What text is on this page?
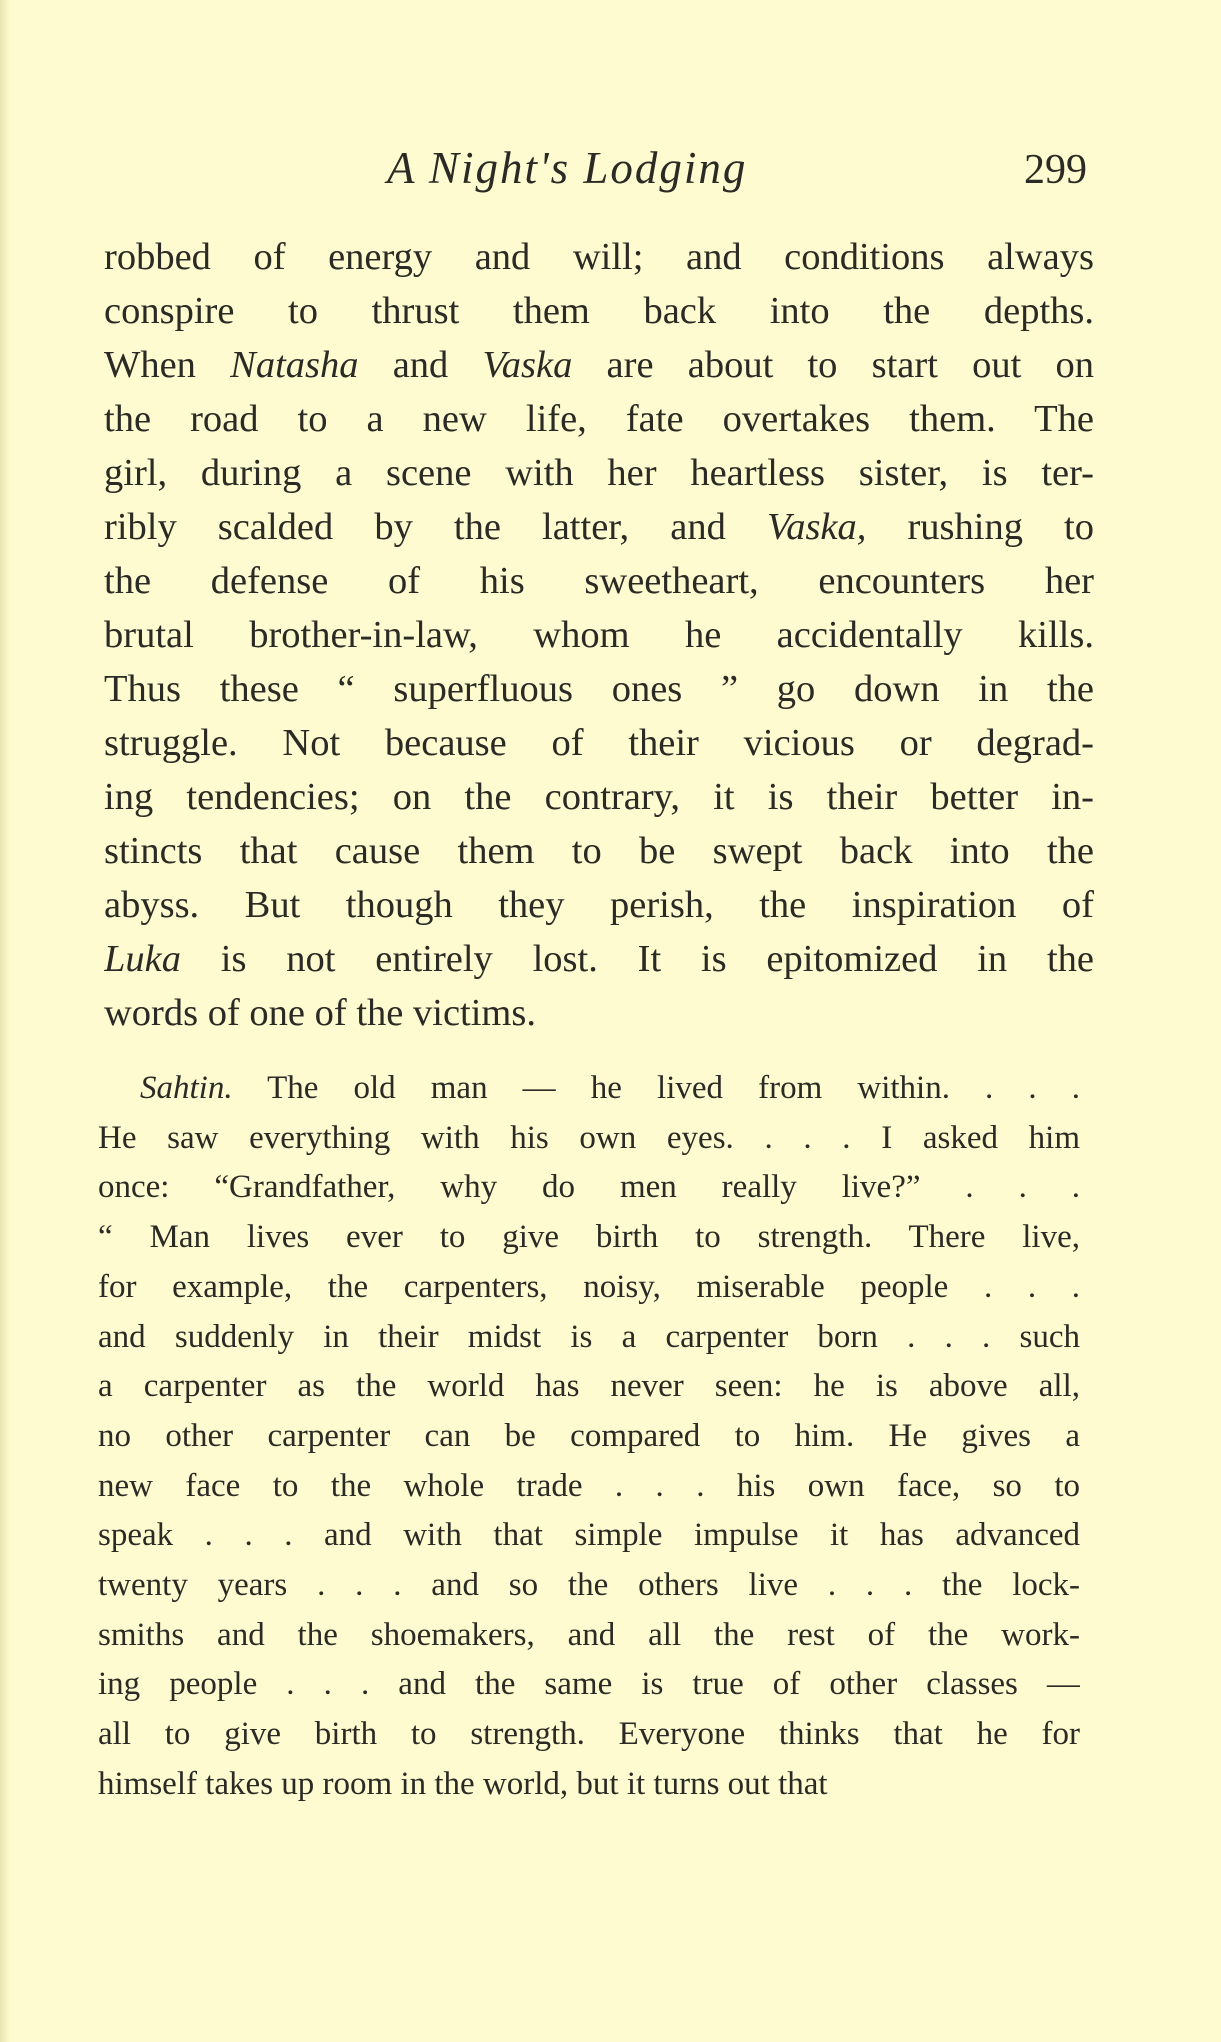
A Night's Lodging	299
robbed of energy and will; and conditions always
conspire to thrust them back into the depths.
When Natasha and Vaska are about to start out on
the road to a new life, fate overtakes them. The
girl, during a scene with her heartless sister, is ter-
ribly scalded by the latter, and Vaska, rushing to
the defense of his sweetheart, encounters her
brutal brother-in-law, whom he accidentally kills.
Thus these “ superfluous ones ” go down in the
struggle. Not because of their vicious or degrad-
ing tendencies; on the contrary, it is their better in-
stincts that cause them to be swept back into the
abyss. But though they perish, the inspiration of
Luka is not entirely lost. It is epitomized in the
words of one of the victims.
Sahtin. The old man — he lived from within. . . .
He saw everything with his own eyes. . . . I asked him
once: “Grandfather, why do men really live?” . . .
“ Man lives ever to give birth to strength. There live,
for example, the carpenters, noisy, miserable people . . .
and suddenly in their midst is a carpenter born . . . such
a carpenter as the world has never seen: he is above all,
no other carpenter can be compared to him. He gives a
new face to the whole trade . . . his own face, so to
speak . . . and with that simple impulse it has advanced
twenty years . . . and so the others live . . . the lock-
smiths and the shoemakers, and all the rest of the work-
ing people . . . and the same is true of other classes —
all to give birth to strength. Everyone thinks that he for
himself takes up room in the world, but it turns out that
